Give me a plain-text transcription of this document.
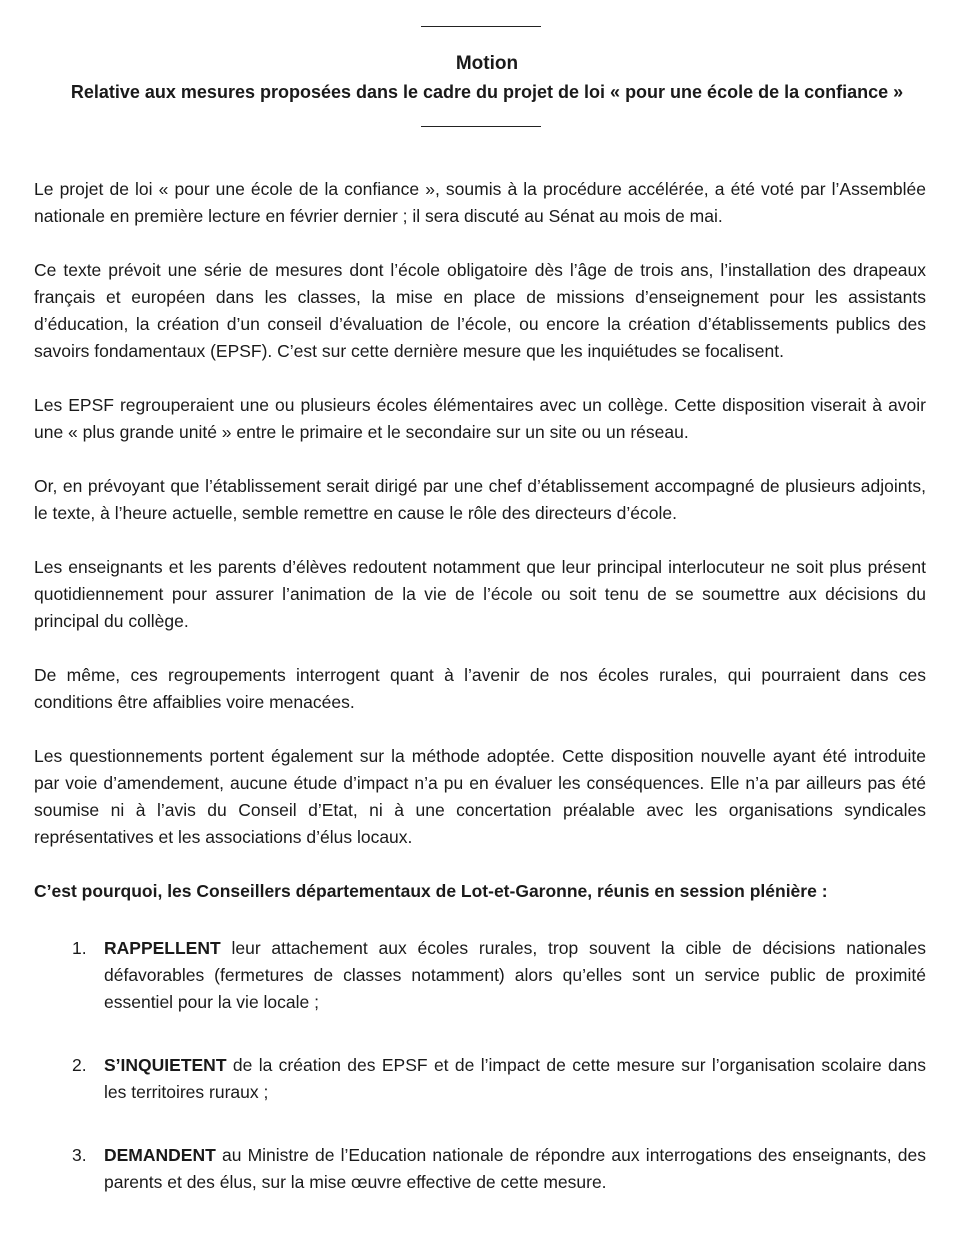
Motion
Relative aux mesures proposées dans le cadre du projet de loi « pour une école de la confiance »

Le projet de loi « pour une école de la confiance », soumis à la procédure accélérée, a été voté par l’Assemblée nationale en première lecture en février dernier ; il sera discuté au Sénat au mois de mai.

Ce texte prévoit une série de mesures dont l’école obligatoire dès l’âge de trois ans, l’installation des drapeaux français et européen dans les classes, la mise en place de missions d’enseignement pour les assistants d’éducation, la création d’un conseil d’évaluation de l’école, ou encore la création d’établissements publics des savoirs fondamentaux (EPSF). C’est sur cette dernière mesure que les inquiétudes se focalisent.

Les EPSF regrouperaient une ou plusieurs écoles élémentaires avec un collège. Cette disposition viserait à avoir une « plus grande unité » entre le primaire et le secondaire sur un site ou un réseau.

Or, en prévoyant que l’établissement serait dirigé par une chef d’établissement accompagné de plusieurs adjoints, le texte, à l’heure actuelle, semble remettre en cause le rôle des directeurs d’école.

Les enseignants et les parents d’élèves redoutent notamment que leur principal interlocuteur ne soit plus présent quotidiennement pour assurer l’animation de la vie de l’école ou soit tenu de se soumettre aux décisions du principal du collège.

De même, ces regroupements interrogent quant à l’avenir de nos écoles rurales, qui pourraient dans ces conditions être affaiblies voire menacées.

Les questionnements portent également sur la méthode adoptée. Cette disposition nouvelle ayant été introduite par voie d’amendement, aucune étude d’impact n’a pu en évaluer les conséquences. Elle n’a par ailleurs pas été soumise ni à l’avis du Conseil d’Etat, ni à une concertation préalable avec les organisations syndicales représentatives et les associations d’élus locaux.

C’est pourquoi, les Conseillers départementaux de Lot-et-Garonne, réunis en session plénière :

1. RAPPELLENT leur attachement aux écoles rurales, trop souvent la cible de décisions nationales défavorables (fermetures de classes notamment) alors qu’elles sont un service public de proximité essentiel pour la vie locale ;
2. S’INQUIETENT de la création des EPSF et de l’impact de cette mesure sur l’organisation scolaire dans les territoires ruraux ;
3. DEMANDENT au Ministre de l’Education nationale de répondre aux interrogations des enseignants, des parents et des élus, sur la mise œuvre effective de cette mesure.
